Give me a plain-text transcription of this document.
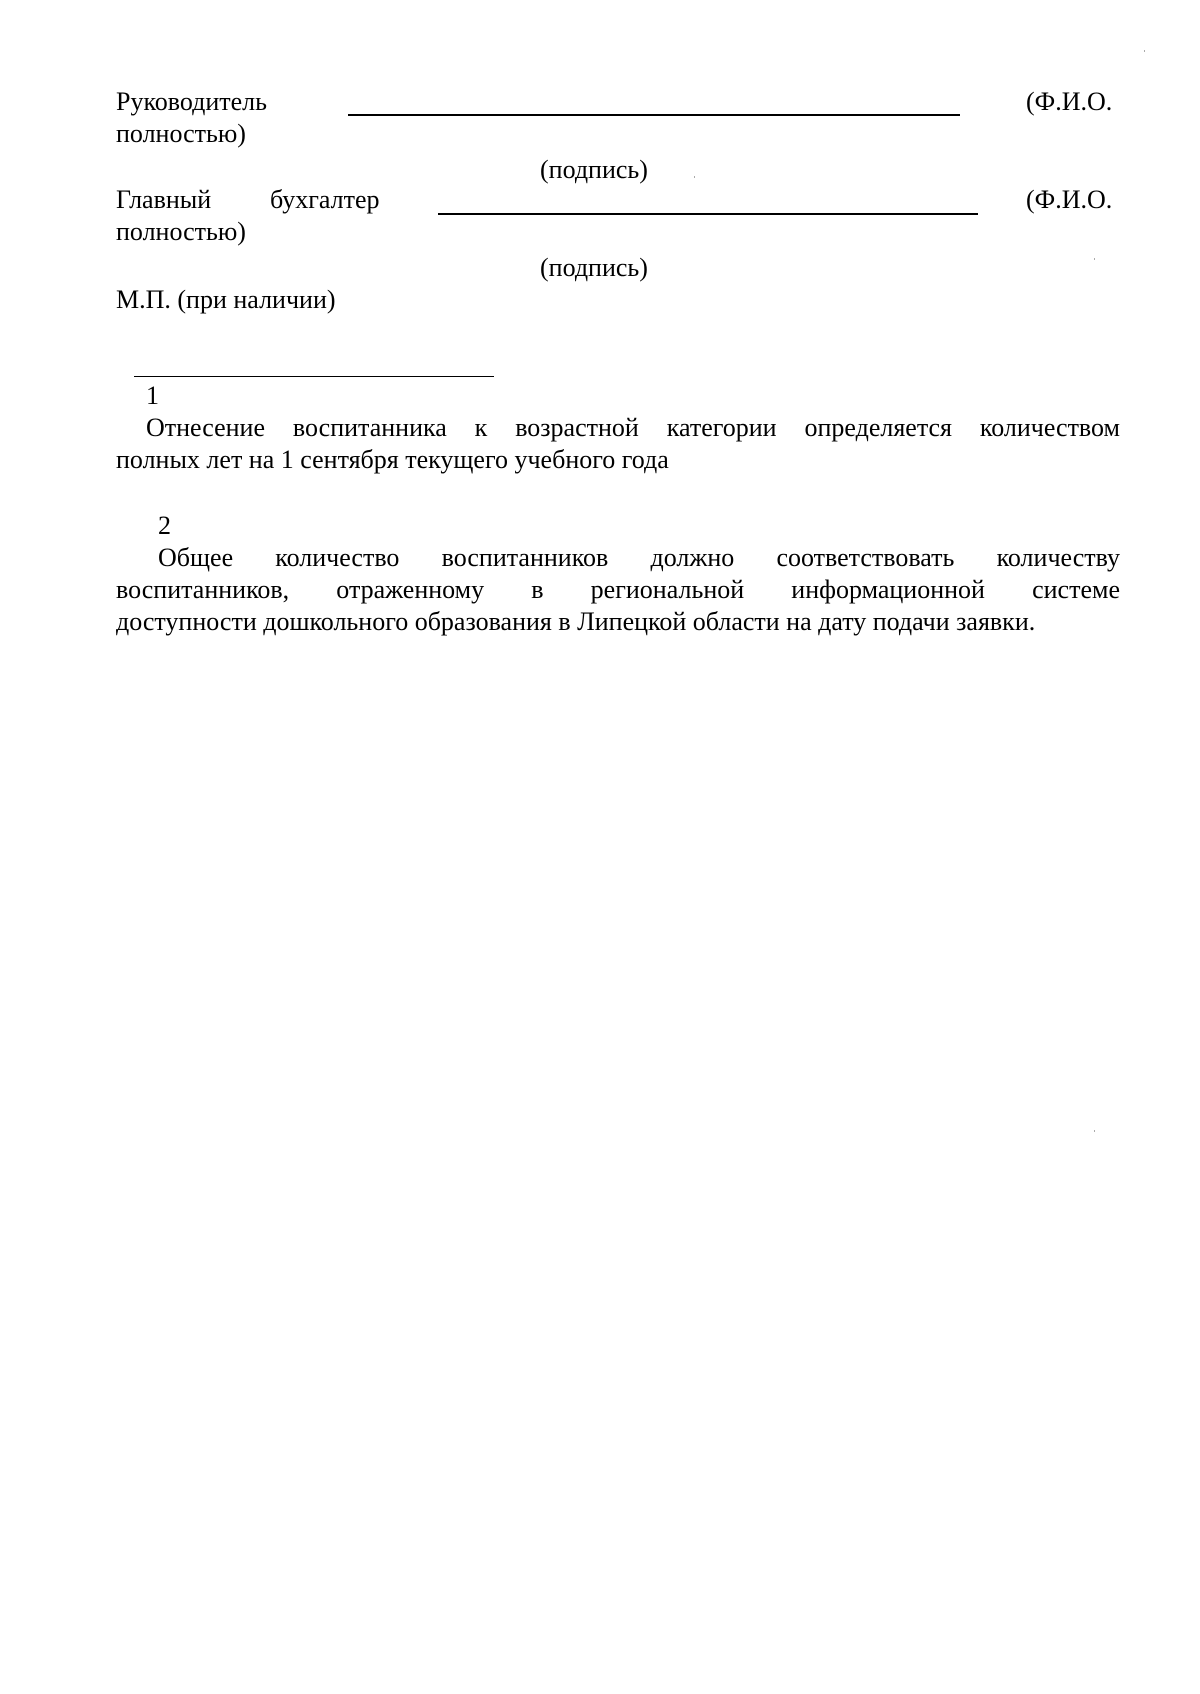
Руководитель	(Ф.И.О.
полностью)
(подпись)
Главный бухгалтер	(Ф.И.О.
полностью)
(подпись)
М.П. (при наличии)
1
Отнесение воспитанника к возрастной категории определяется количеством
полных лет на 1 сентября текущего учебного года
2
Общее количество воспитанников должно соответствовать количеству
воспитанников, отраженному в региональной информационной системе
доступности дошкольного образования в Липецкой области на дату подачи заявки.
